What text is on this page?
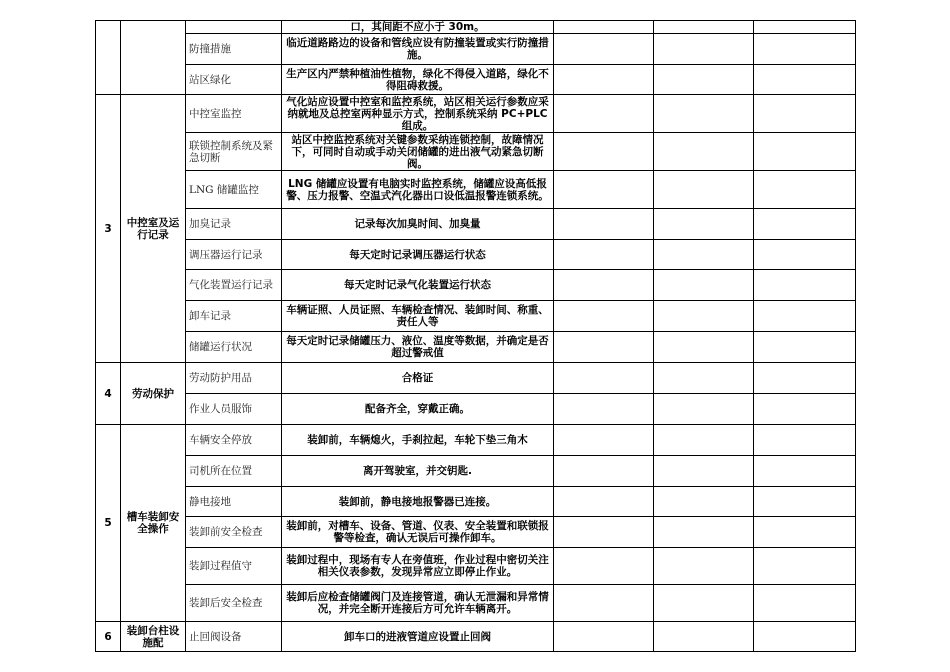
			口，其间距不应小于 30m。			
		防撞措施	临近道路路边的设备和管线应设有防撞装置或实行防撞措施。			
		站区绿化	生产区内严禁种植油性植物，绿化不得侵入道路，绿化不得阻碍救援。			
3	中控室及运行记录	中控室监控	气化站应设置中控室和监控系统，站区相关运行参数应采纳就地及总控室两种显示方式，控制系统采纳 PC+PLC 组成。			
		联锁控制系统及紧急切断	站区中控监控系统对关键参数采纳连锁控制，故障情况下，可同时自动或手动关闭储罐的进出液气动紧急切断阀。			
		LNG 储罐监控	LNG 储罐应设置有电脑实时监控系统，储罐应设高低报警、压力报警、空温式汽化器出口设低温报警连锁系统。			
		加臭记录	记录每次加臭时间、加臭量			
		调压器运行记录	每天定时记录调压器运行状态			
		气化装置运行记录	每天定时记录气化装置运行状态			
		卸车记录	车辆证照、人员证照、车辆检查情况、装卸时间、称重、责任人等			
		储罐运行状况	每天定时记录储罐压力、液位、温度等数据，并确定是否超过警戒值			
4	劳动保护	劳动防护用品	合格证			
		作业人员服饰	配备齐全，穿戴正确。			
5	槽车装卸安全操作	车辆安全停放	装卸前，车辆熄火，手刹拉起，车轮下垫三角木			
		司机所在位置	离开驾驶室，并交钥匙.			
		静电接地	装卸前，静电接地报警器已连接。			
		装卸前安全检查	装卸前，对槽车、设备、管道、仪表、安全装置和联锁报警等检查，确认无误后可操作卸车。			
		装卸过程值守	装卸过程中，现场有专人在旁值班，作业过程中密切关注相关仪表参数，发现异常应立即停止作业。			
		装卸后安全检查	装卸后应检查储罐阀门及连接管道，确认无泄漏和异常情况，并完全断开连接后方可允许车辆离开。			
6	装卸台柱设施配	止回阀设备	卸车口的进液管道应设置止回阀			
